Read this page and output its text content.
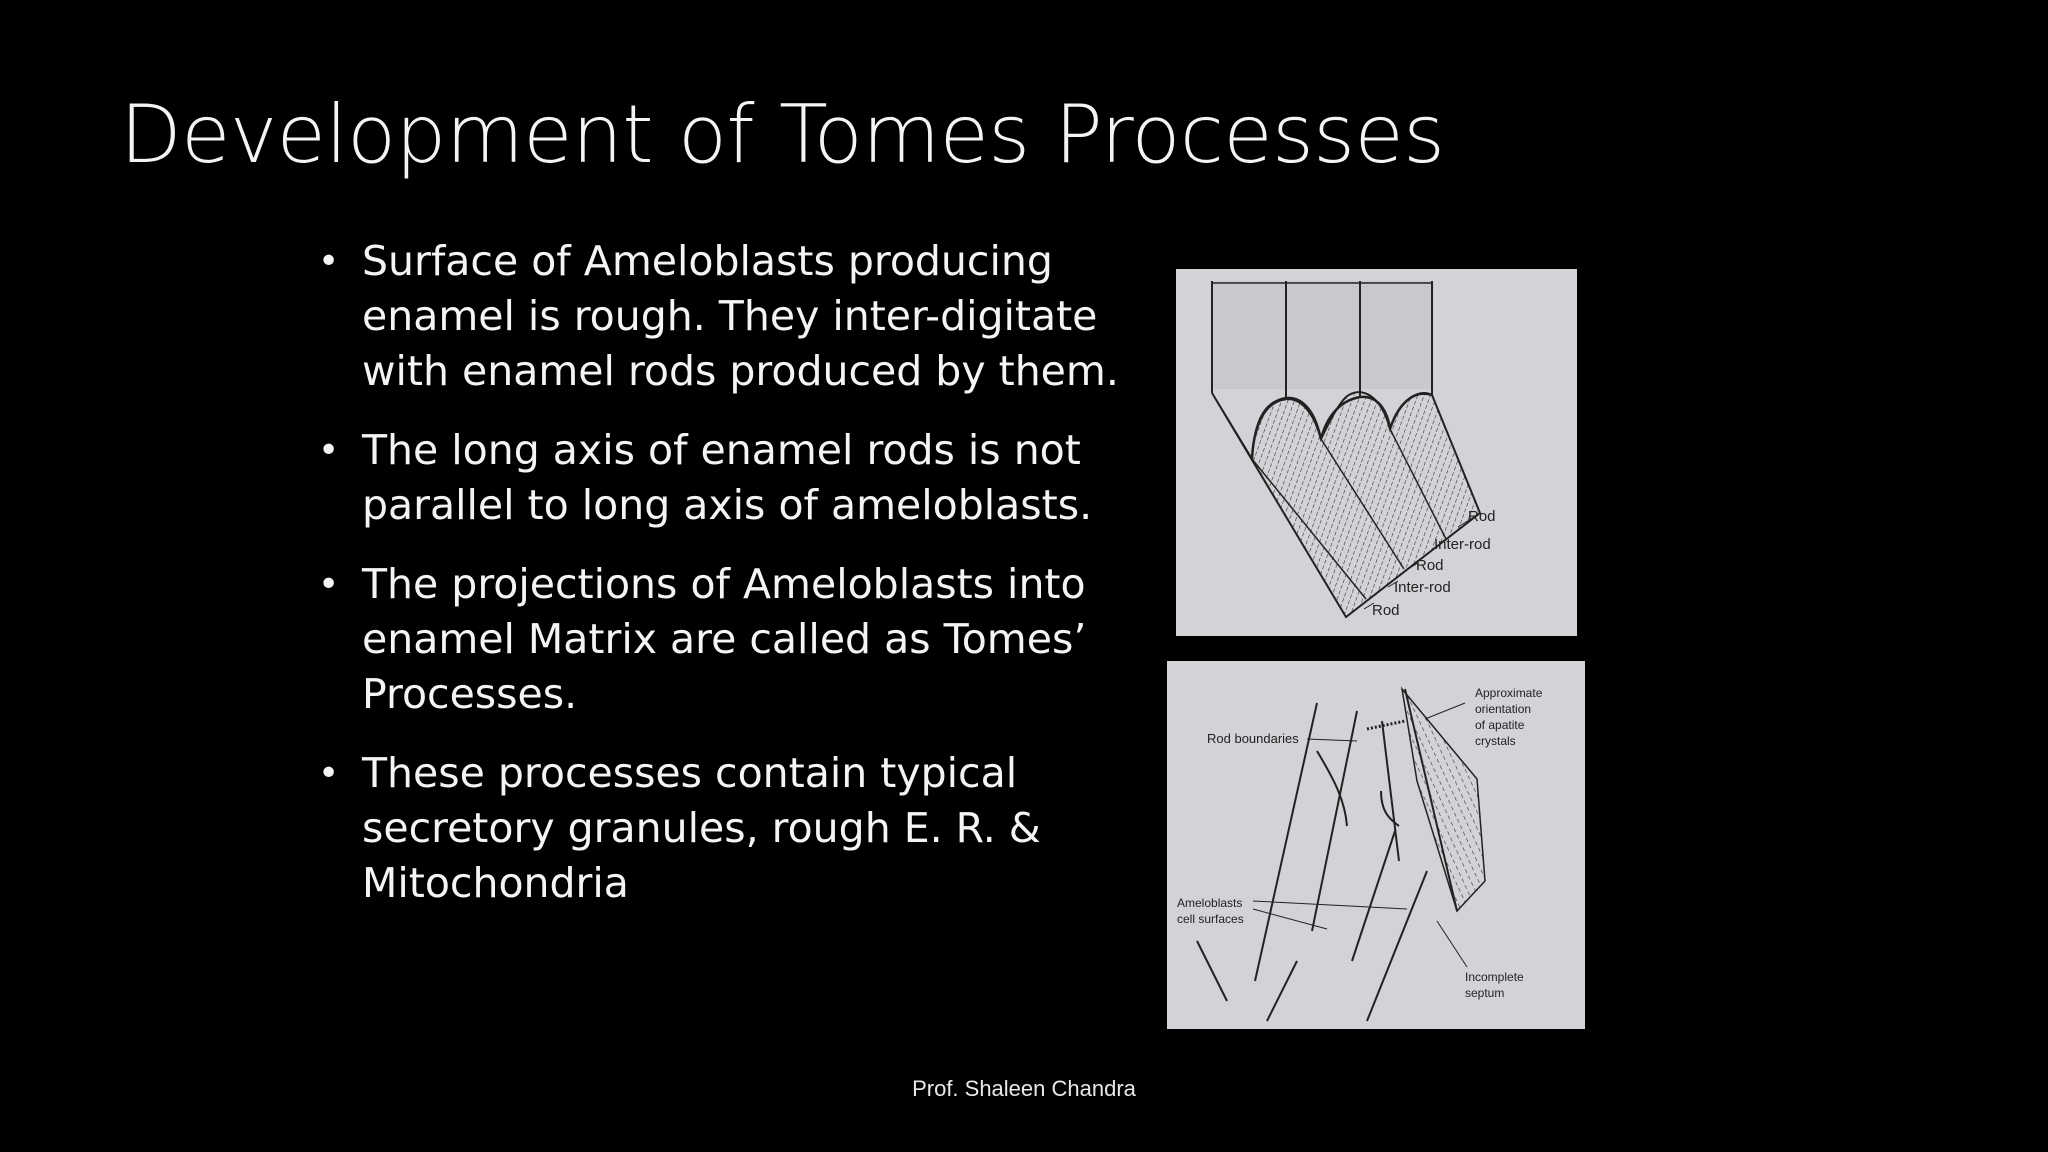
Development of Tomes Processes
• Surface of Ameloblasts producing enamel is rough. They inter-digitate with enamel rods produced by them.
• The long axis of enamel rods is not parallel to long axis of ameloblasts.
• The projections of Ameloblasts into enamel Matrix are called as Tomes’ Processes.
• These processes contain typical secretory granules, rough E. R. & Mitochondria
Rod
Inter-rod
Rod
Inter-rod
Rod
Rod boundaries
Approximate
orientation
of apatite
crystals
Ameloblasts
cell surfaces
Incomplete
septum
Prof. Shaleen Chandra
